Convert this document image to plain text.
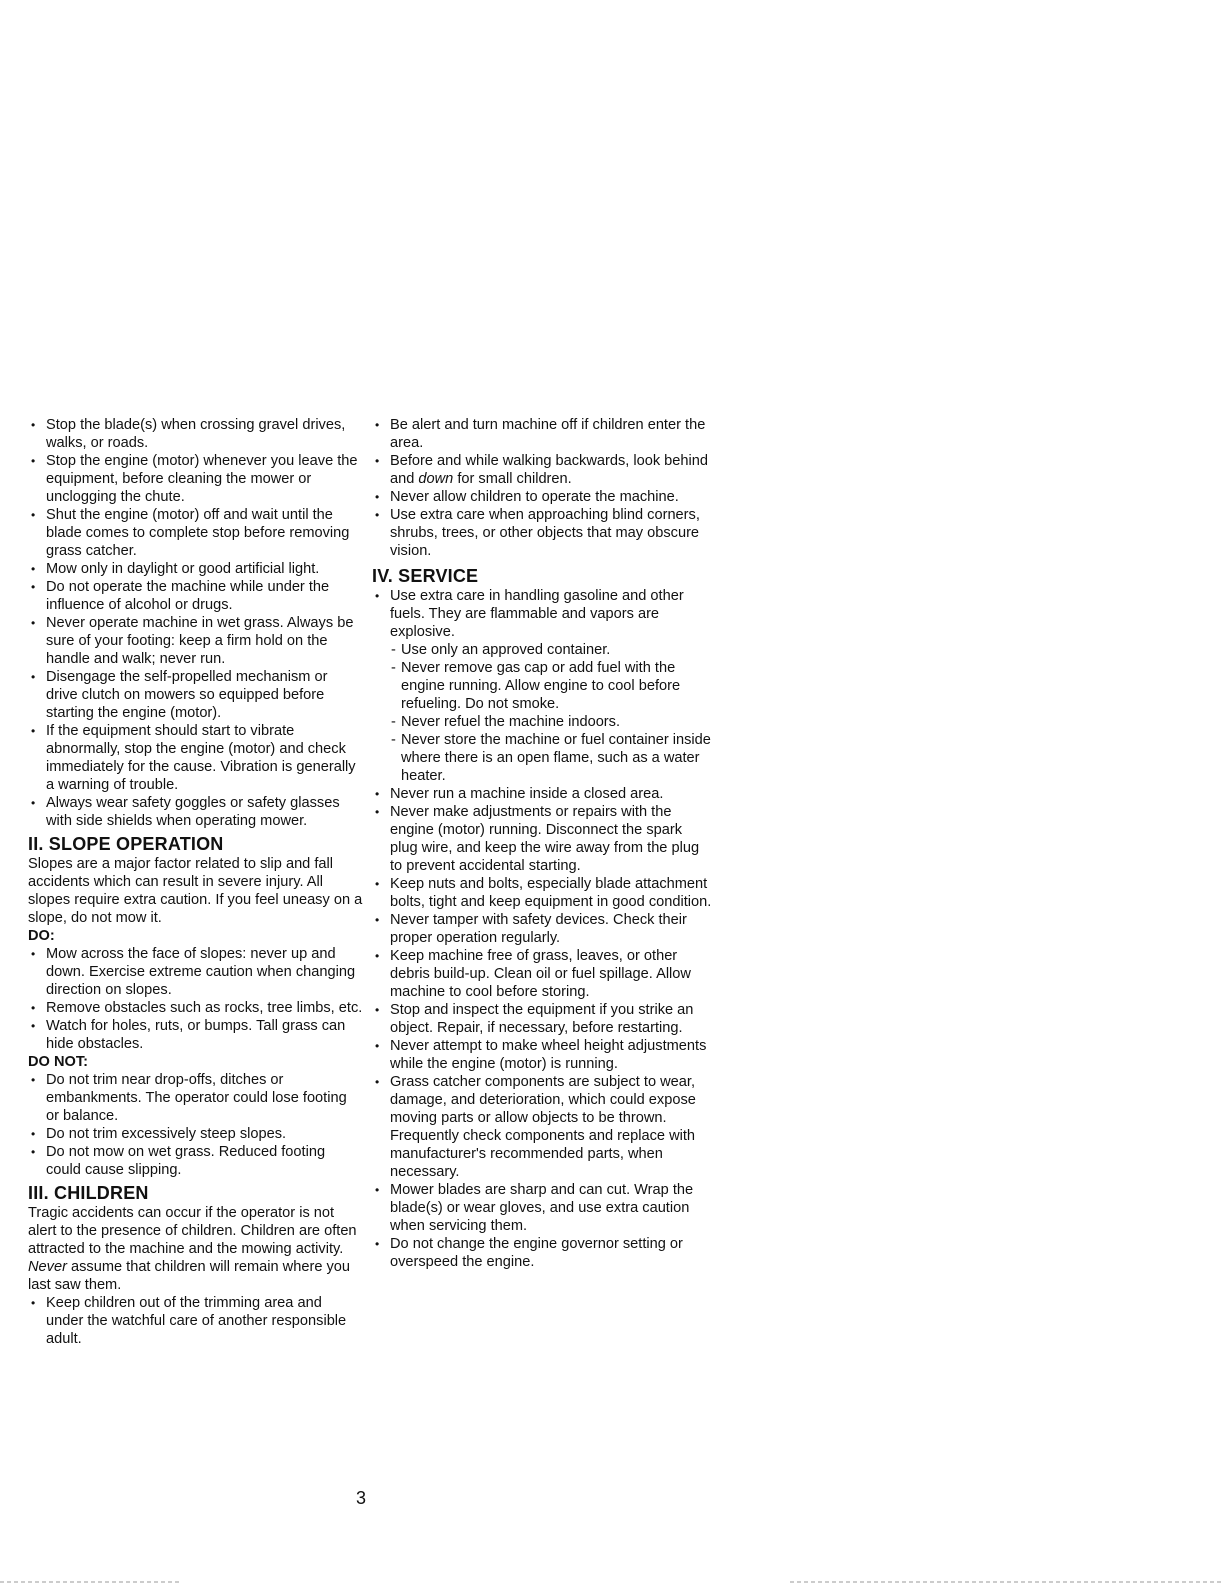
• Stop the blade(s) when crossing gravel drives, walks, or roads.
• Stop the engine (motor) whenever you leave the equipment, before cleaning the mower or unclogging the chute.
• Shut the engine (motor) off and wait until the blade comes to complete stop before removing grass catcher.
• Mow only in daylight or good artificial light.
• Do not operate the machine while under the influence of alcohol or drugs.
• Never operate machine in wet grass. Always be sure of your footing: keep a firm hold on the handle and walk; never run.
• Disengage the self-propelled mechanism or drive clutch on mowers so equipped before starting the engine (motor).
• If the equipment should start to vibrate abnormally, stop the engine (motor) and check immediately for the cause. Vibration is generally a warning of trouble.
• Always wear safety goggles or safety glasses with side shields when operating mower.
II. SLOPE OPERATION

Slopes are a major factor related to slip and fall accidents which can result in severe injury. All slopes require extra caution. If you feel uneasy on a slope, do not mow it.

DO:
• Mow across the face of slopes: never up and down. Exercise extreme caution when changing direction on slopes.
• Remove obstacles such as rocks, tree limbs, etc.
• Watch for holes, ruts, or bumps. Tall grass can hide obstacles.
DO NOT:
• Do not trim near drop-offs, ditches or embankments. The operator could lose footing or balance.
• Do not trim excessively steep slopes.
• Do not mow on wet grass. Reduced footing could cause slipping.
III. CHILDREN

Tragic accidents can occur if the operator is not alert to the presence of children. Children are often attracted to the machine and the mowing activity. Never assume that children will remain where you last saw them.

• Keep children out of the trimming area and under the watchful care of another responsible adult.
• Be alert and turn machine off if children enter the area.
• Before and while walking backwards, look behind and down for small children.
• Never allow children to operate the machine.
• Use extra care when approaching blind corners, shrubs, trees, or other objects that may obscure vision.
IV. SERVICE
• Use extra care in handling gasoline and other fuels. They are flammable and vapors are explosive.
- Use only an approved container.
- Never remove gas cap or add fuel with the engine running. Allow engine to cool before refueling. Do not smoke.
- Never refuel the machine indoors.
- Never store the machine or fuel container inside where there is an open flame, such as a water heater.
• Never run a machine inside a closed area.
• Never make adjustments or repairs with the engine (motor) running. Disconnect the spark plug wire, and keep the wire away from the plug to prevent accidental starting.
• Keep nuts and bolts, especially blade attachment bolts, tight and keep equipment in good condition.
• Never tamper with safety devices. Check their proper operation regularly.
• Keep machine free of grass, leaves, or other debris build-up. Clean oil or fuel spillage. Allow machine to cool before storing.
• Stop and inspect the equipment if you strike an object. Repair, if necessary, before restarting.
• Never attempt to make wheel height adjustments while the engine (motor) is running.
• Grass catcher components are subject to wear, damage, and deterioration, which could expose moving parts or allow objects to be thrown. Frequently check components and replace with manufacturer's recommended parts, when necessary.
• Mower blades are sharp and can cut. Wrap the blade(s) or wear gloves, and use extra caution when servicing them.
• Do not change the engine governor setting or overspeed the engine.
3
